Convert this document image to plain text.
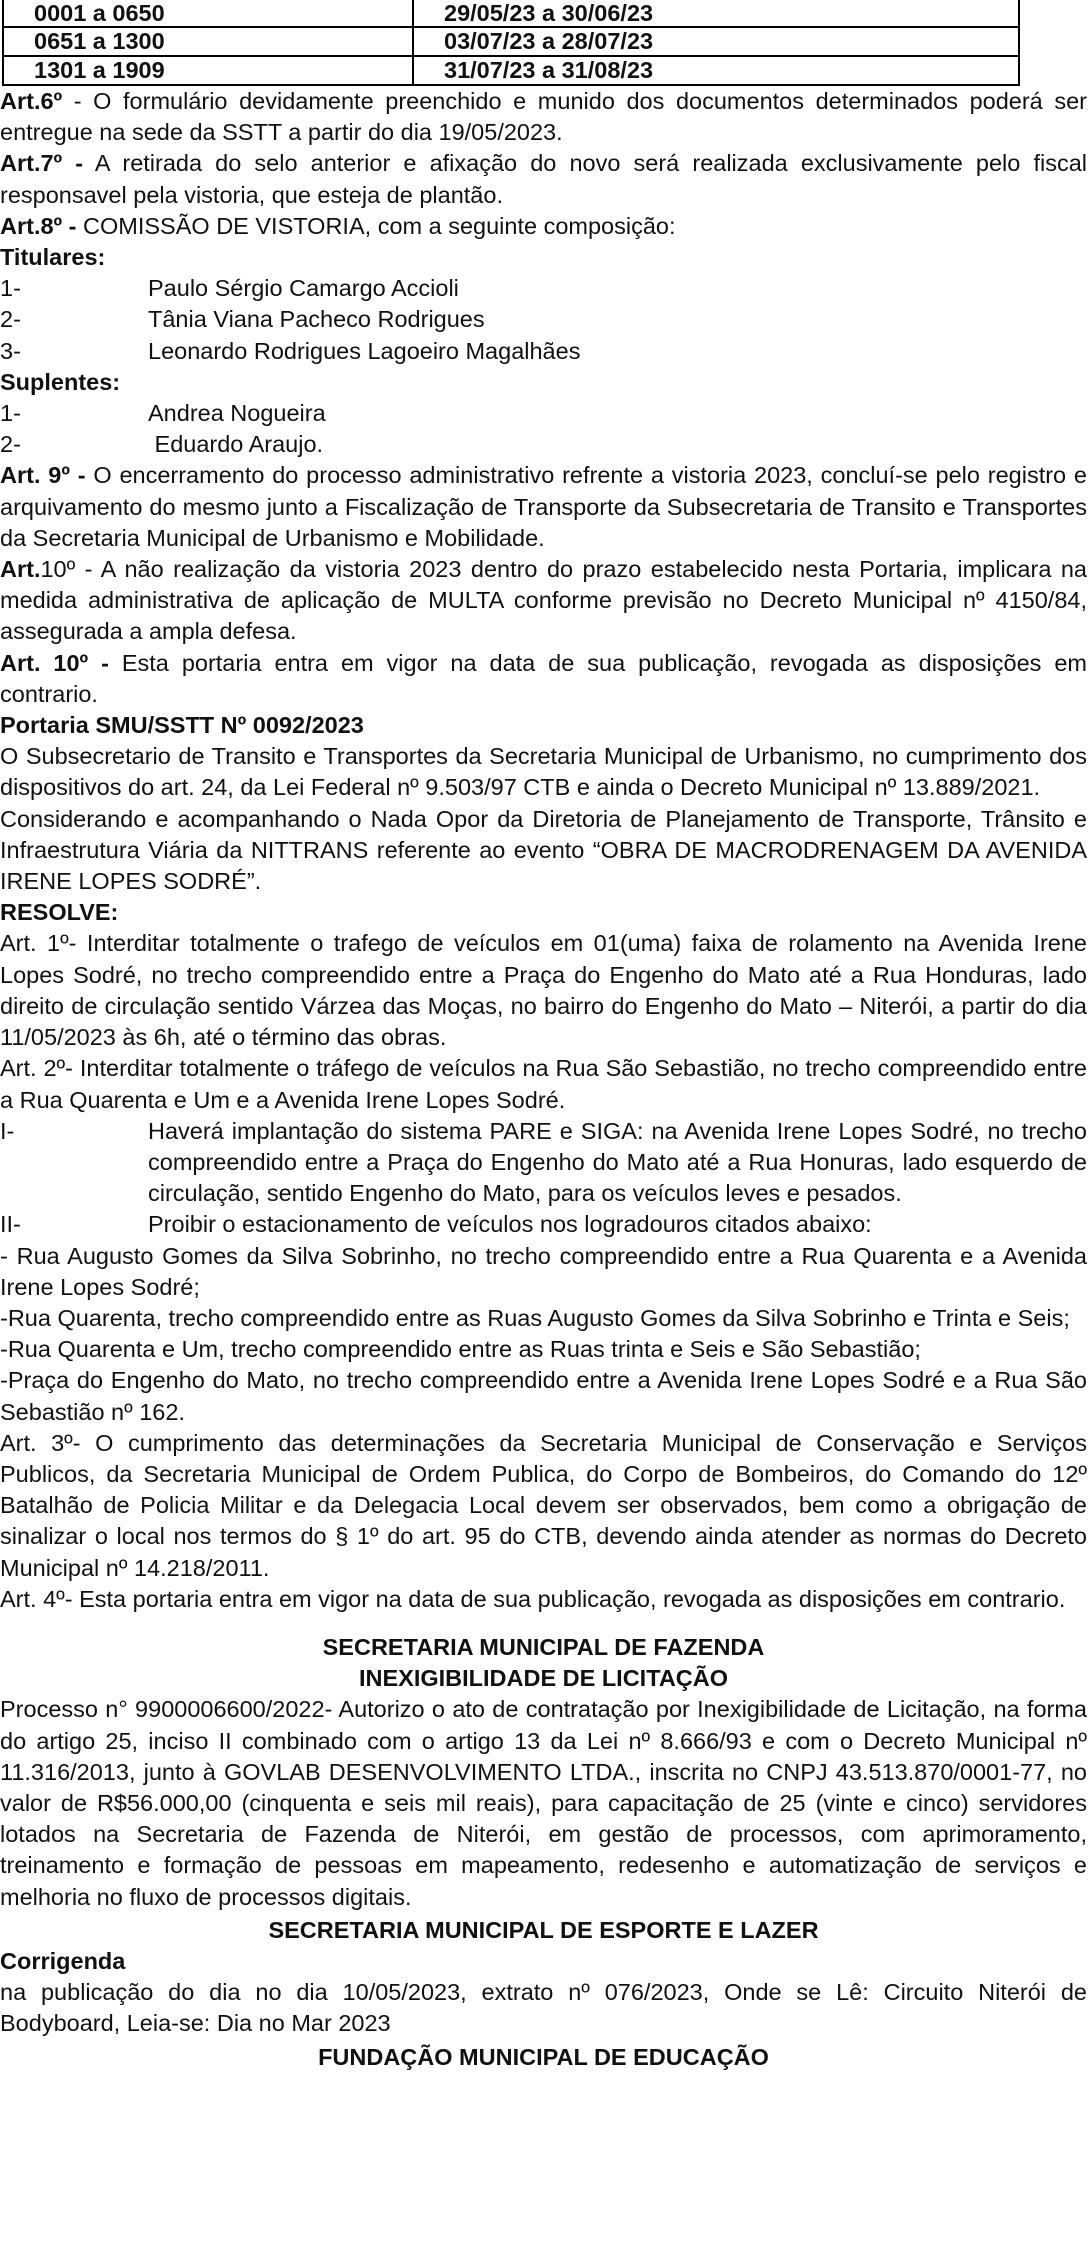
0001 a 0650	29/05/23 a 30/06/23
0651 a 1300	03/07/23 a 28/07/23
1301 a 1909	31/07/23 a 31/08/23

Art.6º - O formulário devidamente preenchido e munido dos documentos determinados poderá ser entregue na sede da SSTT a partir do dia 19/05/2023.

Art.7º - A retirada do selo anterior e afixação do novo será realizada exclusivamente pelo fiscal responsavel pela vistoria, que esteja de plantão.

Art.8º - COMISSÃO DE VISTORIA, com a seguinte composição:

Titulares:

1-	Paulo Sérgio Camargo Accioli
2-	Tânia Viana Pacheco Rodrigues
3-	Leonardo Rodrigues Lagoeiro Magalhães

Suplentes:

1-	Andrea Nogueira
2-	Eduardo Araujo.

Art. 9º - O encerramento do processo administrativo refrente a vistoria 2023, concluí-se pelo registro e arquivamento do mesmo junto a Fiscalização de Transporte da Subsecretaria de Transito e Transportes da Secretaria Municipal de Urbanismo e Mobilidade.

Art.10º - A não realização da vistoria 2023 dentro do prazo estabelecido nesta Portaria, implicara na medida administrativa de aplicação de MULTA conforme previsão no Decreto Municipal nº 4150/84, assegurada a ampla defesa.

Art. 10º - Esta portaria entra em vigor na data de sua publicação, revogada as disposições em contrario.

Portaria SMU/SSTT Nº 0092/2023

O Subsecretario de Transito e Transportes da Secretaria Municipal de Urbanismo, no cumprimento dos dispositivos do art. 24, da Lei Federal nº 9.503/97 CTB e ainda o Decreto Municipal nº 13.889/2021.

Considerando e acompanhando o Nada Opor da Diretoria de Planejamento de Transporte, Trânsito e Infraestrutura Viária da NITTRANS referente ao evento “OBRA DE MACRODRENAGEM DA AVENIDA IRENE LOPES SODRÉ”.

RESOLVE:

Art. 1º- Interditar totalmente o trafego de veículos em 01(uma) faixa de rolamento na Avenida Irene Lopes Sodré, no trecho compreendido entre a Praça do Engenho do Mato até a Rua Honduras, lado direito de circulação sentido Várzea das Moças, no bairro do Engenho do Mato – Niterói, a partir do dia 11/05/2023 às 6h, até o término das obras.

Art. 2º- Interditar totalmente o tráfego de veículos na Rua São Sebastião, no trecho compreendido entre a Rua Quarenta e Um e a Avenida Irene Lopes Sodré.

I-	Haverá implantação do sistema PARE e SIGA: na Avenida Irene Lopes Sodré, no trecho compreendido entre a Praça do Engenho do Mato até a Rua Honuras, lado esquerdo de circulação, sentido Engenho do Mato, para os veículos leves e pesados.
II-	Proibir o estacionamento de veículos nos logradouros citados abaixo:

- Rua Augusto Gomes da Silva Sobrinho, no trecho compreendido entre a Rua Quarenta e a Avenida Irene Lopes Sodré;

-Rua Quarenta, trecho compreendido entre as Ruas Augusto Gomes da Silva Sobrinho e Trinta e Seis;

-Rua Quarenta e Um, trecho compreendido entre as Ruas trinta e Seis e São Sebastião;

-Praça do Engenho do Mato, no trecho compreendido entre a Avenida Irene Lopes Sodré e a Rua São Sebastião nº 162.

Art. 3º- O cumprimento das determinações da Secretaria Municipal de Conservação e Serviços Publicos, da Secretaria Municipal de Ordem Publica, do Corpo de Bombeiros, do Comando do 12º Batalhão de Policia Militar e da Delegacia Local devem ser observados, bem como a obrigação de sinalizar o local nos termos do § 1º do art. 95 do CTB, devendo ainda atender as normas do Decreto Municipal nº 14.218/2011.

Art. 4º- Esta portaria entra em vigor na data de sua publicação, revogada as disposições em contrario.

SECRETARIA MUNICIPAL DE FAZENDA

INEXIGIBILIDADE DE LICITAÇÃO

Processo n° 9900006600/2022- Autorizo o ato de contratação por Inexigibilidade de Licitação, na forma do artigo 25, inciso II combinado com o artigo 13 da Lei nº 8.666/93 e com o Decreto Municipal nº 11.316/2013, junto à GOVLAB DESENVOLVIMENTO LTDA., inscrita no CNPJ 43.513.870/0001-77, no valor de R$56.000,00 (cinquenta e seis mil reais), para capacitação de 25 (vinte e cinco) servidores lotados na Secretaria de Fazenda de Niterói, em gestão de processos, com aprimoramento, treinamento e formação de pessoas em mapeamento, redesenho e automatização de serviços e melhoria no fluxo de processos digitais.

SECRETARIA MUNICIPAL DE ESPORTE E LAZER

Corrigenda

na publicação do dia no dia 10/05/2023, extrato nº 076/2023, Onde se Lê: Circuito Niterói de Bodyboard, Leia-se: Dia no Mar 2023

FUNDAÇÃO MUNICIPAL DE EDUCAÇÃO
